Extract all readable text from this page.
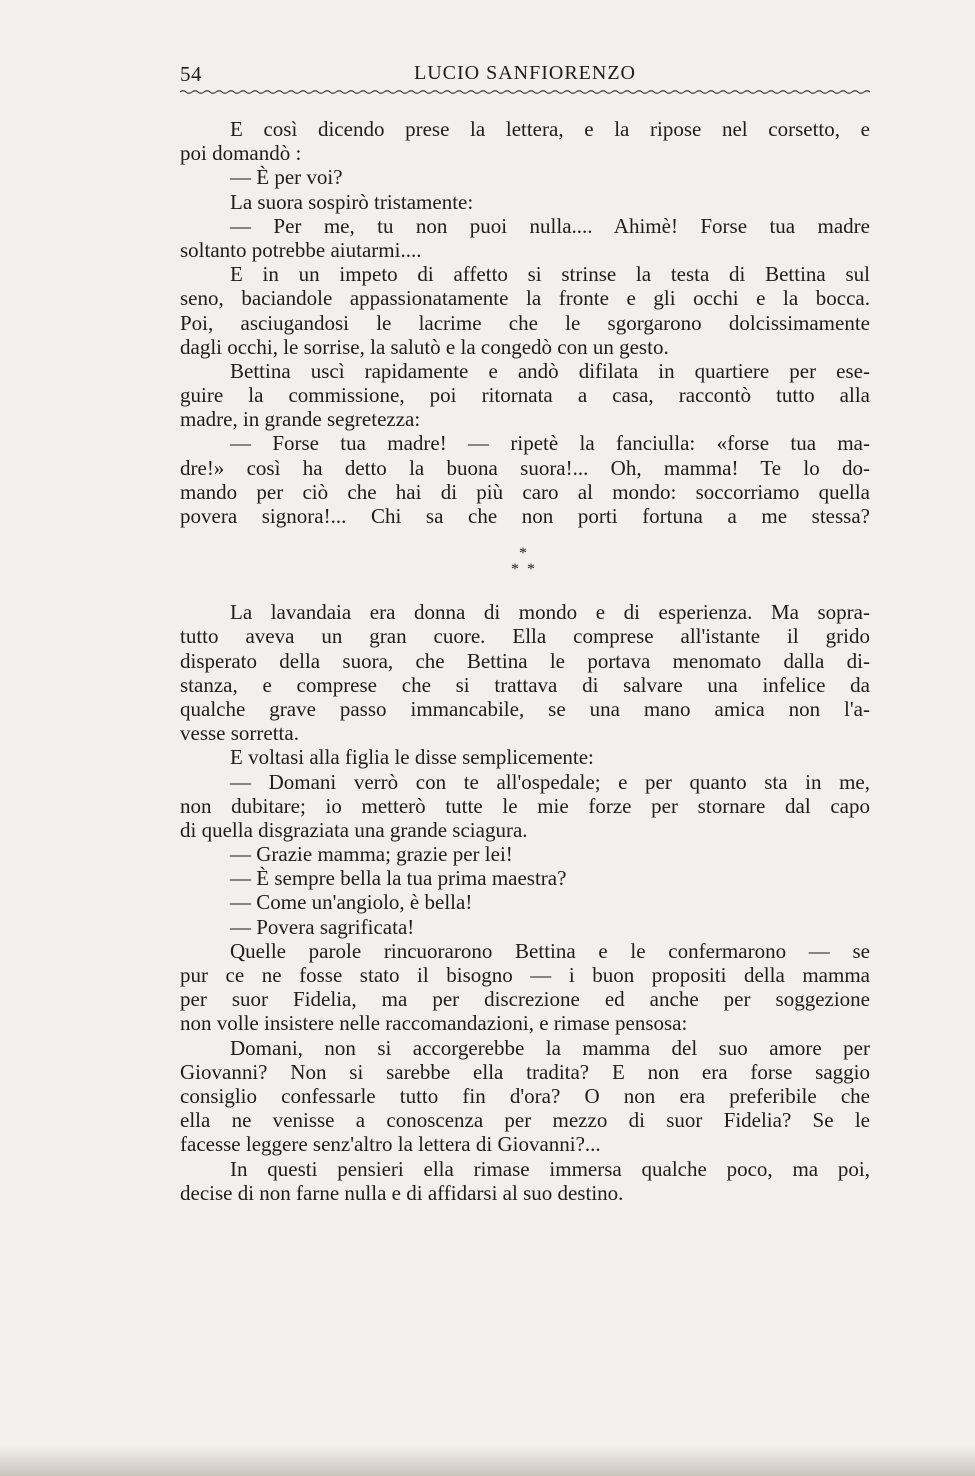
54	LUCIO SANFIORENZO
E così dicendo prese la lettera, e la ripose nel corsetto, e
poi domandò :
— È per voi?
La suora sospirò tristamente:
— Per me, tu non puoi nulla.... Ahimè! Forse tua madre
soltanto potrebbe aiutarmi....
E in un impeto di affetto si strinse la testa di Bettina sul
seno, baciandole appassionatamente la fronte e gli occhi e la bocca.
Poi, asciugandosi le lacrime che le sgorgarono dolcissimamente
dagli occhi, le sorrise, la salutò e la congedò con un gesto.
Bettina uscì rapidamente e andò difilata in quartiere per ese-
guire la commissione, poi ritornata a casa, raccontò tutto alla
madre, in grande segretezza:
— Forse tua madre! — ripetè la fanciulla: «forse tua ma-
dre!» così ha detto la buona suora!... Oh, mamma! Te lo do-
mando per ciò che hai di più caro al mondo: soccorriamo quella
povera signora!... Chi sa che non porti fortuna a me stessa?
*
* *
La lavandaia era donna di mondo e di esperienza. Ma sopra-
tutto aveva un gran cuore. Ella comprese all'istante il grido
disperato della suora, che Bettina le portava menomato dalla di-
stanza, e comprese che si trattava di salvare una infelice da
qualche grave passo immancabile, se una mano amica non l'a-
vesse sorretta.
E voltasi alla figlia le disse semplicemente:
— Domani verrò con te all'ospedale; e per quanto sta in me,
non dubitare; io metterò tutte le mie forze per stornare dal capo
di quella disgraziata una grande sciagura.
— Grazie mamma; grazie per lei!
— È sempre bella la tua prima maestra?
— Come un'angiolo, è bella!
— Povera sagrificata!
Quelle parole rincuorarono Bettina e le confermarono — se
pur ce ne fosse stato il bisogno — i buon propositi della mamma
per suor Fidelia, ma per discrezione ed anche per soggezione
non volle insistere nelle raccomandazioni, e rimase pensosa:
Domani, non si accorgerebbe la mamma del suo amore per
Giovanni? Non si sarebbe ella tradita? E non era forse saggio
consiglio confessarle tutto fin d'ora? O non era preferibile che
ella ne venisse a conoscenza per mezzo di suor Fidelia? Se le
facesse leggere senz'altro la lettera di Giovanni?...
In questi pensieri ella rimase immersa qualche poco, ma poi,
decise di non farne nulla e di affidarsi al suo destino.
